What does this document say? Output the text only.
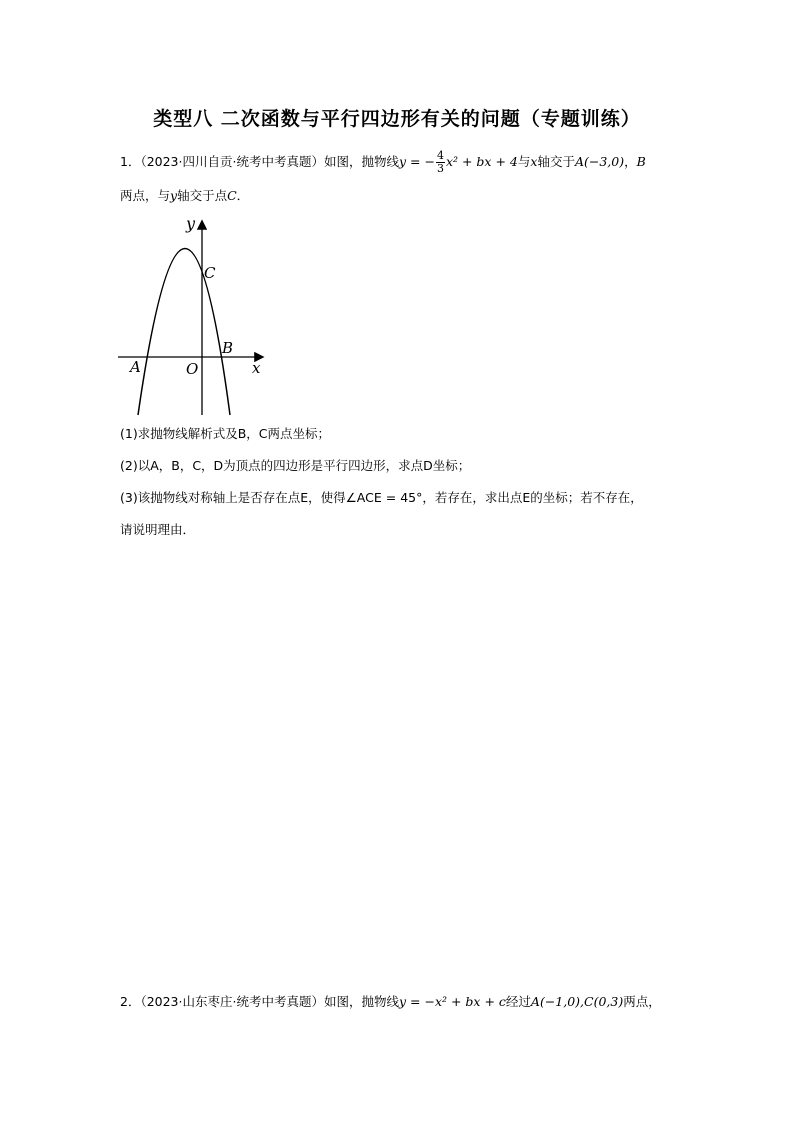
类型八 二次函数与平行四边形有关的问题（专题训练）
1．（2023·四川自贡·统考中考真题）如图，抛物线y = − $\frac{4}{3} x^2$ + bx + 4与x轴交于A(−3,0)，B
两点，与y轴交于点C．
y
C
B
A	O	x
(1)求抛物线解析式及B，C两点坐标；
(2)以A，B，C，D为顶点的四边形是平行四边形，求点D坐标；
(3)该抛物线对称轴上是否存在点E，使得∠ACE = 45°，若存在，求出点E的坐标；若不存在，
请说明理由．
2．（2023·山东枣庄·统考中考真题）如图，抛物线y = −x² + bx + c经过A(−1,0),C(0,3)两点，
